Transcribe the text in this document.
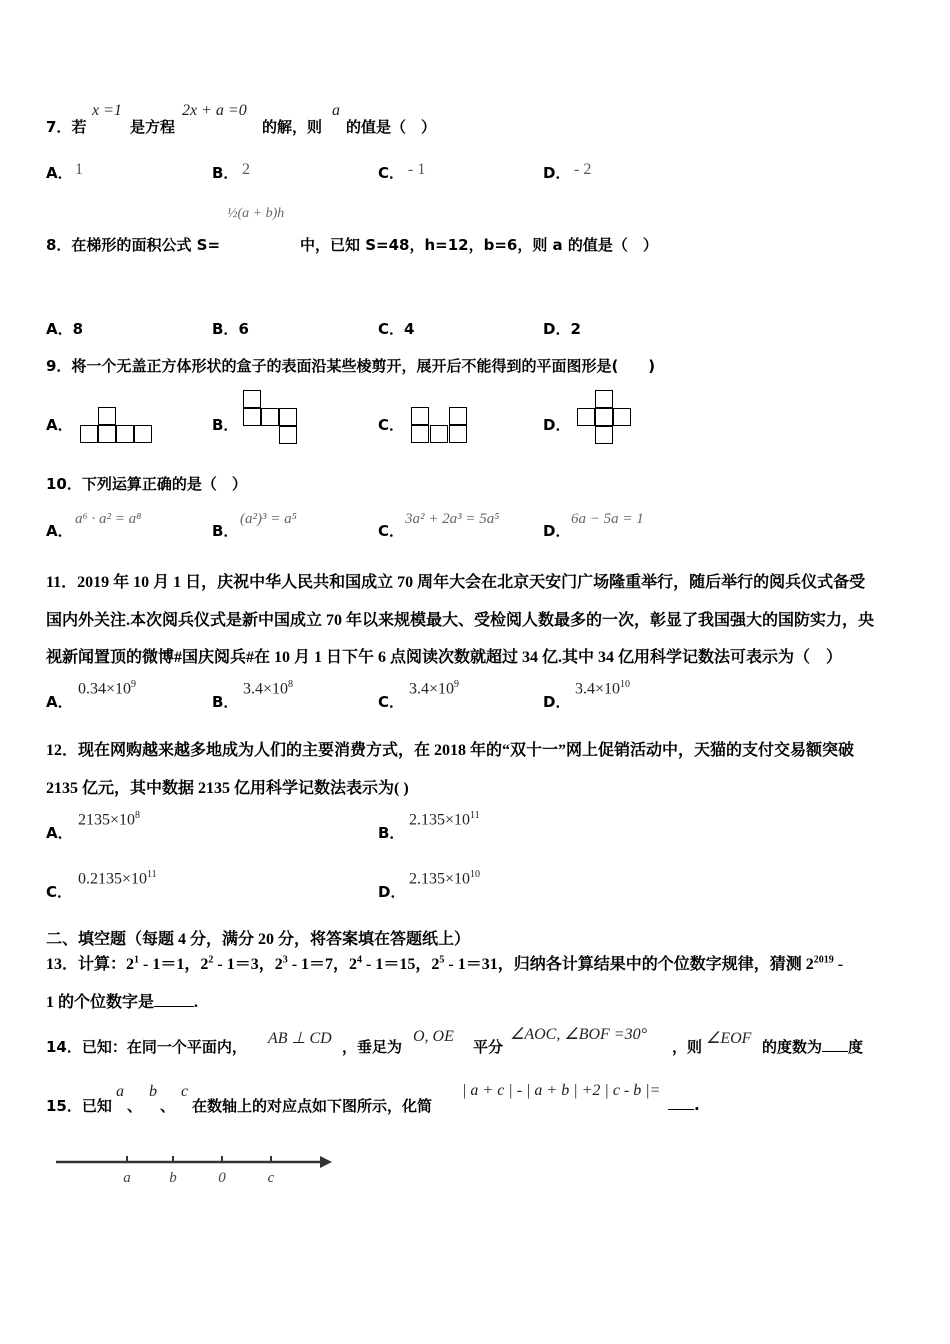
7．若
x =1
是方程
2x + a =0
的解，则
a
的值是（　）
A． 1	B． 2	C． - 1	D． - 2
8．在梯形的面积公式 S=
½(a + b)h
中，已知 S=48，h=12，b=6，则 a 的值是（　）
A．8	B．6	C．4	D．2
9．将一个无盖正方体形状的盒子的表面沿某些棱剪开，展开后不能得到的平面图形是(　　)
A．	B．	C．	D．
10．下列运算正确的是（　）
A．
a⁶ · a² = a⁸
B．
(a²)³ = a⁵
C．
3a² + 2a³ = 5a⁵
D．
6a − 5a = 1
11．2019 年 10 月 1 日，庆祝中华人民共和国成立 70 周年大会在北京天安门广场隆重举行，随后举行的阅兵仪式备受
国内外关注.本次阅兵仪式是新中国成立 70 年以来规模最大、受检阅人数最多的一次，彰显了我国强大的国防实力，央
视新闻置顶的微博#国庆阅兵#在 10 月 1 日下午 6 点阅读次数就超过 34 亿.其中 34 亿用科学记数法可表示为（　）
A．
$0.34\times 10^9$
B．
$3.4\times 10^8$
C．
$3.4\times 10^9$
D．
$3.4\times 10^{10}$
12．现在网购越来越多地成为人们的主要消费方式，在 2018 年的“双十一”网上促销活动中，天猫的支付交易额突破
2135 亿元，其中数据 2135 亿用科学记数法表示为( )
A．
$2135\times 10^8$
B．
$2.135\times 10^{11}$
C．
$0.2135\times 10^{11}$
D．
$2.135\times 10^{10}$
二、填空题（每题 4 分，满分 20 分，将答案填在答题纸上）
13．计算：$2^1 - 1=1$，$2^2 - 1=3$，$2^3 - 1=7$，$2^4 - 1=15$，$2^5 - 1=31$，归纳各计算结果中的个位数字规律，猜测 $2^{2019}$ -
1 的个位数字是	.
14．已知：在同一个平面内， AB ⊥ CD ，垂足为
O, OE
平分
∠AOC, ∠BOF =30°
，则 ∠EOF 的度数为 度
15．已知
a
、
b
、
c
在数轴上的对应点如下图所示，化简
| a + c | - | a + b | +2 | c - b |=
.
a	b	0	c
